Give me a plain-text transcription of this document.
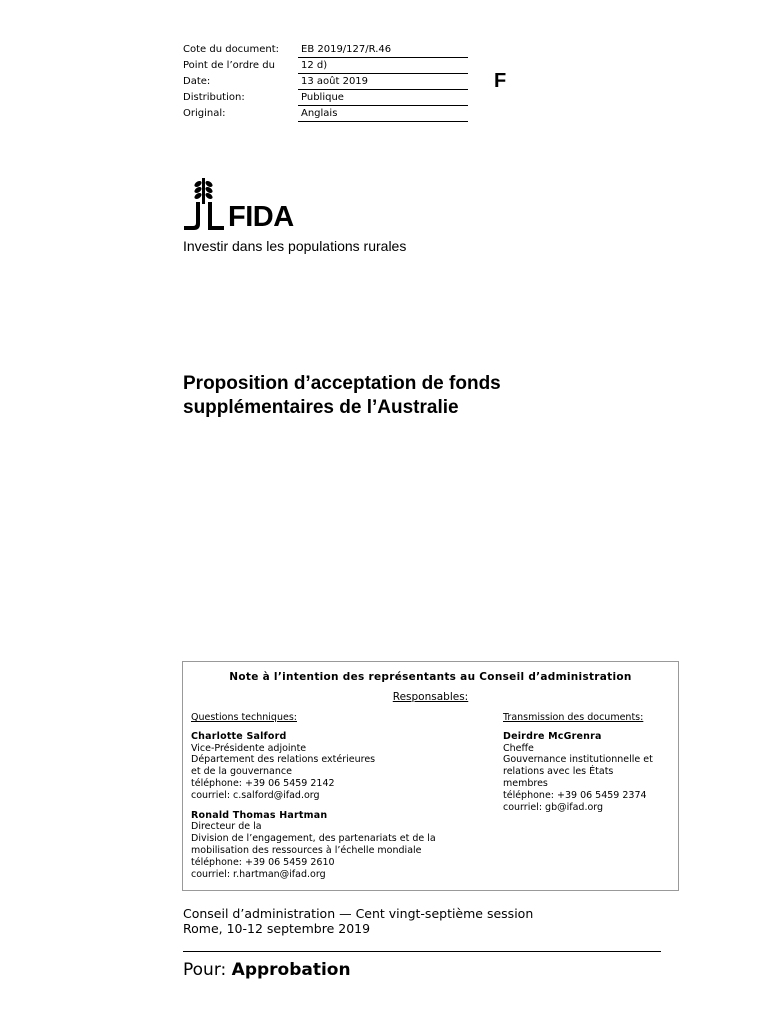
Cote du document:	EB 2019/127/R.46
Point de l’ordre du	12 d)
Date:	13 août 2019
Distribution:	Publique
Original:	Anglais
F
FIDA
Investir dans les populations rurales
Proposition d’acceptation de fonds
supplémentaires de l’Australie
Note à l’intention des représentants au Conseil d’administration
Responsables:
Questions techniques:
Charlotte Salford
Vice-Présidente adjointe
Département des relations extérieures
et de la gouvernance
téléphone: +39 06 5459 2142
courriel: c.salford@ifad.org
Ronald Thomas Hartman
Directeur de la
Division de l’engagement, des partenariats et de la
mobilisation des ressources à l’échelle mondiale
téléphone: +39 06 5459 2610
courriel: r.hartman@ifad.org
Transmission des documents:
Deirdre McGrenra
Cheffe
Gouvernance institutionnelle et
relations avec les États
membres
téléphone: +39 06 5459 2374
courriel: gb@ifad.org
Conseil d’administration — Cent vingt-septième session
Rome, 10-12 septembre 2019
Pour: Approbation
